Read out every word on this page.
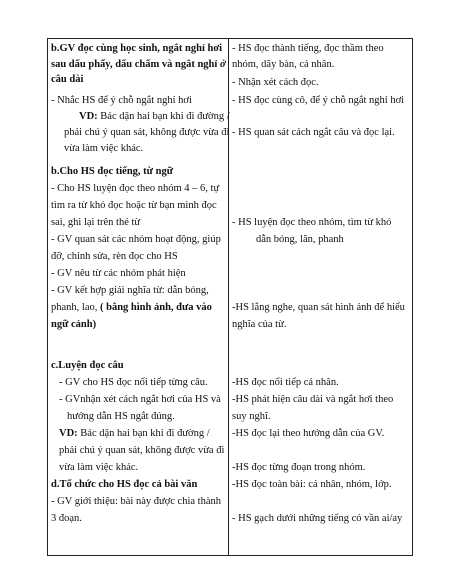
b.GV đọc cùng học sinh, ngắt nghỉ hơi
sau dấu phẩy, dấu chấm và ngắt nghỉ ở
câu dài
- Nhắc HS để ý chỗ ngắt nghỉ hơi
VD: Bác dặn hai bạn khi đi đường /
phải chú ý quan sát, không được vừa đi
vừa làm việc khác.
b.Cho HS đọc tiếng, từ ngữ
- Cho HS luyện đọc theo nhóm 4 – 6, tự
tìm ra từ khó đọc hoặc từ bạn mình đọc
sai, ghi lại trên thẻ từ
- GV quan sát các nhóm hoạt động, giúp
đỡ, chỉnh sửa, rèn đọc cho HS
- GV nêu từ các nhóm phát hiện
- GV kết hợp giải nghĩa từ: dẫn bóng,
phanh, lao, ( bằng hình ảnh, đưa vào
ngữ cảnh)
c.Luyện đọc câu
- GV cho HS đọc nối tiếp từng câu.
- GVnhận xét cách ngắt hơi của HS và
hướng dẫn HS ngắt đúng.
VD: Bác dặn hai bạn khi đi đường /
phải chú ý quan sát, không được vừa đi
vừa làm việc khác.
d.Tổ chức cho HS đọc cả bài văn
- GV giới thiệu: bài này được chia thành
3 đoạn.
- HS đọc thành tiếng, đọc thầm theo
nhóm, dãy bàn, cá nhân.
- Nhận xét cách đọc.
- HS đọc cùng cô, để ý chỗ ngắt nghỉ hơi
- HS quan sát cách ngắt câu và đọc lại.
- HS luyện đọc theo nhóm, tìm từ khó
dẫn bóng, lăn, phanh
-HS lắng nghe, quan sát hình ảnh để hiểu
nghĩa của từ.
-HS đọc nối tiếp cá nhân.
-HS phát hiện câu dài và ngắt hơi theo
suy nghĩ.
-HS đọc lại theo hướng dẫn của GV.
-HS đọc từng đoạn trong nhóm.
-HS đọc toàn bài: cá nhân, nhóm, lớp.
- HS gạch dưới những tiếng có vần ai/ay
